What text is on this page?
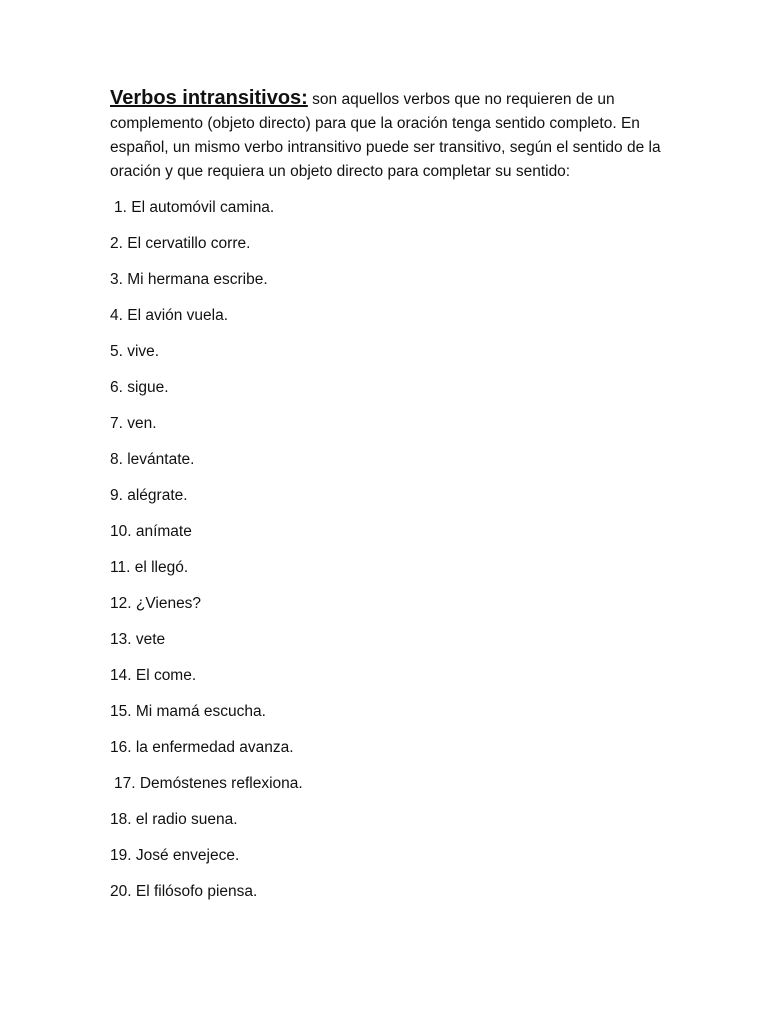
Verbos intransitivos: son aquellos verbos que no requieren de un complemento (objeto directo) para que la oración tenga sentido completo. En español, un mismo verbo intransitivo puede ser transitivo, según el sentido de la oración y que requiera un objeto directo para completar su sentido:

1. El automóvil camina.
2. El cervatillo corre.
3. Mi hermana escribe.
4. El avión vuela.
5. vive.
6. sigue.
7. ven.
8. levántate.
9. alégrate.
10. anímate
11. el llegó.
12. ¿Vienes?
13. vete
14. El come.
15. Mi mamá escucha.
16. la enfermedad avanza.
17. Demóstenes reflexiona.
18. el radio suena.
19. José envejece.
20. El filósofo piensa.
